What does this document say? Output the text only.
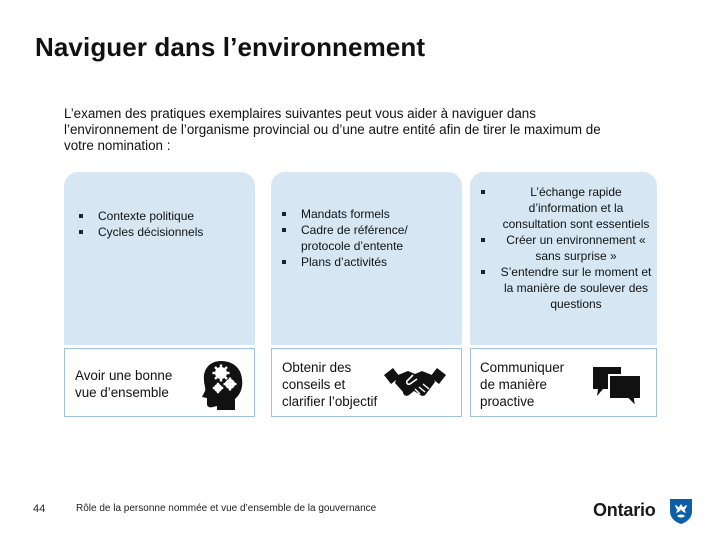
Naviguer dans l’environnement
L’examen des pratiques exemplaires suivantes peut vous aider à naviguer dans l’environnement de l’organisme provincial ou d’une autre entité afin de tirer le maximum de votre nomination :
Contexte politique
Cycles décisionnels
Mandats formels
Cadre de référence/ protocole d’entente
Plans d’activités
L’échange rapide d’information et la consultation sont essentiels
Créer un environnement « sans surprise »
S’entendre sur le moment et la manière de soulever des questions
Avoir une bonne vue d’ensemble
Obtenir des conseils et clarifier l’objectif
Communiquer de manière proactive
44	Rôle de la personne nommée et vue d’ensemble de la gouvernance	Ontario
